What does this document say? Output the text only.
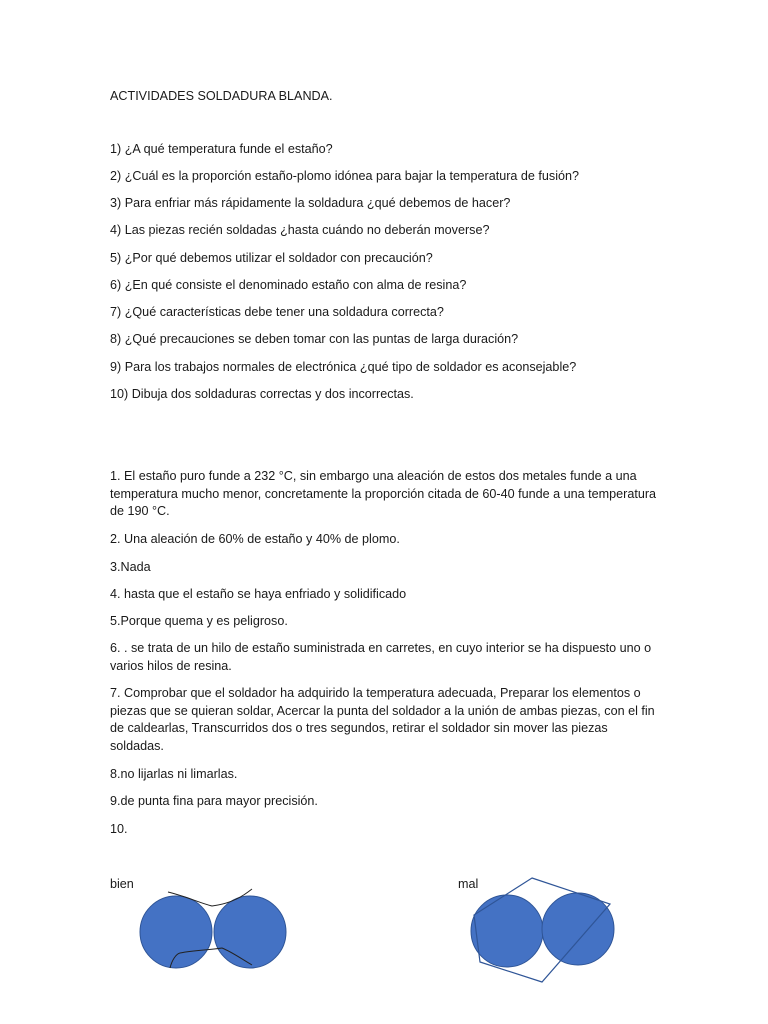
ACTIVIDADES SOLDADURA BLANDA.
1) ¿A qué temperatura funde el estaño?
2) ¿Cuál es la proporción estaño-plomo idónea para bajar la temperatura de fusión?
3) Para enfriar más rápidamente la soldadura ¿qué debemos de hacer?
4) Las piezas recién soldadas ¿hasta cuándo no deberán moverse?
5) ¿Por qué debemos utilizar el soldador con precaución?
6) ¿En qué consiste el denominado estaño con alma de resina?
7) ¿Qué características debe tener una soldadura correcta?
8) ¿Qué precauciones se deben tomar con las puntas de larga duración?
9) Para los trabajos normales de electrónica ¿qué tipo de soldador es aconsejable?
10) Dibuja dos soldaduras correctas y dos incorrectas.
1. El estaño puro funde a 232 °C, sin embargo una aleación de estos dos metales funde a una temperatura mucho menor, concretamente la proporción citada de 60-40 funde a una temperatura de 190 °C.
2. Una aleación de 60% de estaño y 40% de plomo.
3.Nada
4. hasta que el estaño se haya enfriado y solidificado
5.Porque quema y es peligroso.
6. . se trata de un hilo de estaño suministrada en carretes, en cuyo interior se ha dispuesto uno o varios hilos de resina.
7. Comprobar que el soldador ha adquirido la temperatura adecuada, Preparar los elementos o piezas que se quieran soldar, Acercar la punta del soldador a la unión de ambas piezas, con el fin de caldearlas, Transcurridos dos o tres segundos, retirar el soldador sin mover las piezas soldadas.
8.no lijarlas ni limarlas.
9.de punta fina para mayor precisión.
10.
bien	mal
